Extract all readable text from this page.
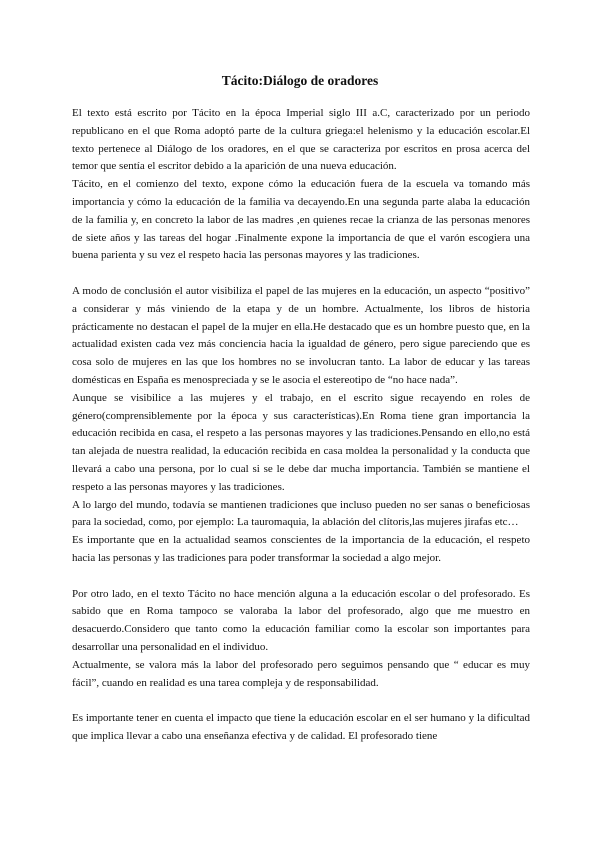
Tácito:Diálogo de oradores

El texto está escrito por Tácito en la época Imperial siglo III a.C, caracterizado por un periodo republicano en el que Roma adoptó parte de la cultura griega:el helenismo y la educación escolar.El texto pertenece al Diálogo de los oradores, en el que se caracteriza por escritos en prosa acerca del temor que sentía el escritor debido a la aparición de una nueva educación.

Tácito, en el comienzo del texto, expone cómo la educación fuera de la escuela va tomando más importancia y cómo la educación de la familia va decayendo.En una segunda parte alaba la educación de la familia y, en concreto la labor de las madres ,en quienes recae la crianza de las personas menores de siete años y las tareas del hogar .Finalmente expone la importancia de que el varón escogiera una buena parienta y su vez el respeto hacia las personas mayores y las tradiciones.

A modo de conclusión el autor visibiliza el papel de las mujeres en la educación, un aspecto “positivo” a considerar y más viniendo de la etapa y de un hombre. Actualmente, los libros de historia prácticamente no destacan el papel de la mujer en ella.He destacado que es un hombre puesto que, en la actualidad existen cada vez más conciencia hacia la igualdad de género, pero sigue pareciendo que es cosa solo de mujeres en las que los hombres no se involucran tanto. La labor de educar y las tareas domésticas en España es menospreciada y se le asocia el estereotipo de “no hace nada”.

Aunque se visibilice a las mujeres y el trabajo, en el escrito sigue recayendo en roles de género(comprensiblemente por la época y sus características).En Roma tiene gran importancia la educación recibida en casa, el respeto a las personas mayores y las tradiciones.Pensando en ello,no está tan alejada de nuestra realidad, la educación recibida en casa moldea la personalidad y la conducta que llevará a cabo una persona, por lo cual si se le debe dar mucha importancia. También se mantiene el respeto a las personas mayores y las tradiciones.

A lo largo del mundo, todavía se mantienen tradiciones que incluso pueden no ser sanas o beneficiosas para la sociedad, como, por ejemplo: La tauromaquia, la ablación del clítoris,las mujeres jirafas etc…

Es importante que en la actualidad seamos conscientes de la importancia de la educación, el respeto hacia las personas y las tradiciones para poder transformar la sociedad a algo mejor.

Por otro lado, en el texto Tácito no hace mención alguna a la educación escolar o del profesorado. Es sabido que en Roma tampoco se valoraba la labor del profesorado, algo que me muestro en desacuerdo.Considero que tanto como la educación familiar como la escolar son importantes para desarrollar una personalidad en el individuo.

Actualmente, se valora más la labor del profesorado pero seguimos pensando que “ educar es muy fácil”, cuando en realidad es una tarea compleja y de responsabilidad.

Es importante tener en cuenta el impacto que tiene la educación escolar en el ser humano y la dificultad que implica llevar a cabo una enseñanza efectiva y de calidad. El profesorado tiene
